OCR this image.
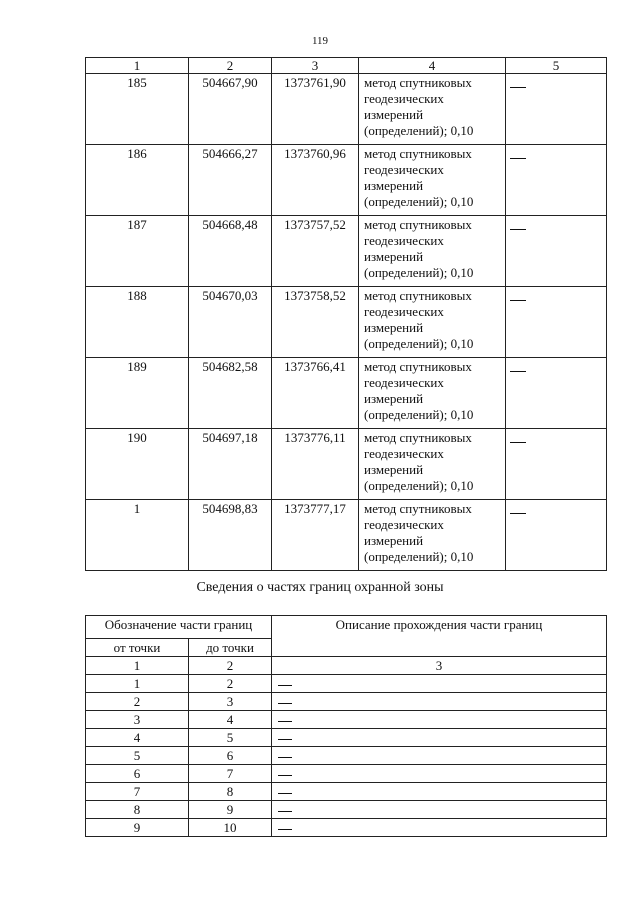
119
1	2	3	4	5
185	504667,90	1373761,90	метод спутниковых
геодезических
измерений
(определений); 0,10	

186	504666,27	1373760,96	метод спутниковых
геодезических
измерений
(определений); 0,10	

187	504668,48	1373757,52	метод спутниковых
геодезических
измерений
(определений); 0,10	

188	504670,03	1373758,52	метод спутниковых
геодезических
измерений
(определений); 0,10	

189	504682,58	1373766,41	метод спутниковых
геодезических
измерений
(определений); 0,10	

190	504697,18	1373776,11	метод спутниковых
геодезических
измерений
(определений); 0,10	

1	504698,83	1373777,17	метод спутниковых
геодезических
измерений
(определений); 0,10	

Сведения о частях границ охранной зоны
Обозначение части границ		Описание прохождения части границ
от точки	до точки	
1	2	3
1	2	
2	3	
3	4	
4	5	
5	6	
6	7	
7	8	
8	9	
9	10	
